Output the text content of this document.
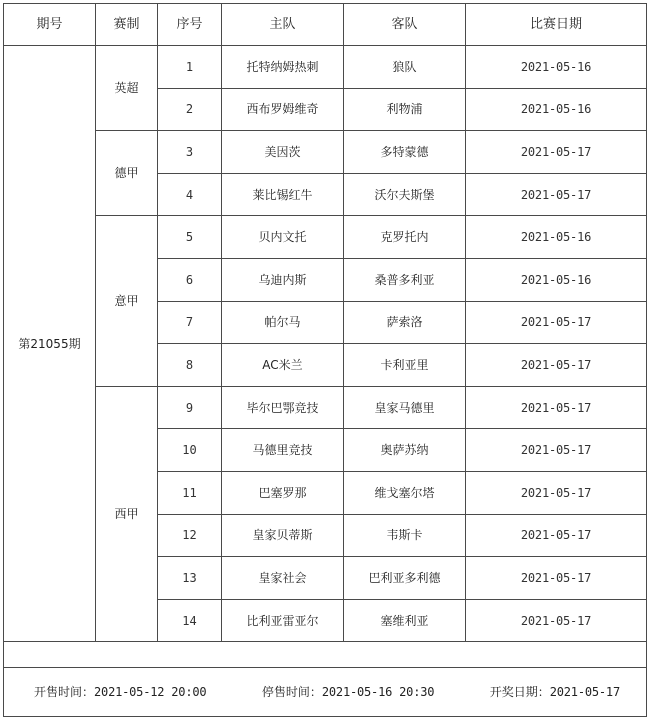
期号	赛制	序号	主队	客队	比赛日期
第21055期	英超	1	托特纳姆热刺	狼队	2021-05-16
		2	西布罗姆维奇	利物浦	2021-05-16
	德甲	3	美因茨	多特蒙德	2021-05-17
		4	莱比锡红牛	沃尔夫斯堡	2021-05-17
	意甲	5	贝内文托	克罗托内	2021-05-16
		6	乌迪内斯	桑普多利亚	2021-05-16
		7	帕尔马	萨索洛	2021-05-17
		8	AC米兰	卡利亚里	2021-05-17
	西甲	9	毕尔巴鄂竞技	皇家马德里	2021-05-17
		10	马德里竞技	奥萨苏纳	2021-05-17
		11	巴塞罗那	维戈塞尔塔	2021-05-17
		12	皇家贝蒂斯	韦斯卡	2021-05-17
		13	皇家社会	巴利亚多利德	2021-05-17
		14	比利亚雷亚尔	塞维利亚	2021-05-17

开售时间：2021-05-12 20:00 停售时间：2021-05-16 20:30 开奖日期：2021-05-17					
